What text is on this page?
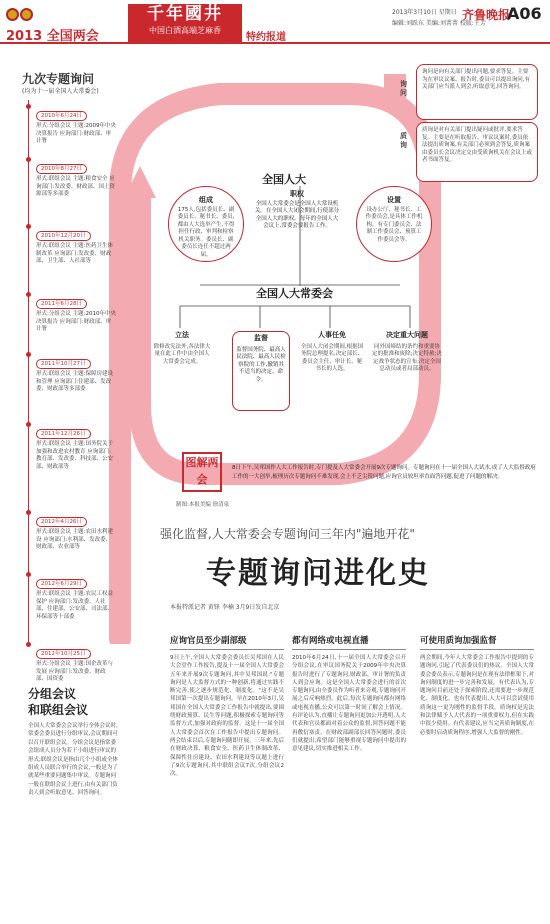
2013 全国两会
千年國井
中国白酒高端芝麻香
特约报道
2013年3月10日 星期日
编辑:刘跃东 美编:刘菁菁 校版:王芳
齐鲁晚报
A06
九次专题询问
(均为十一届全国人大常委会)
2010年6月24日
形式:分组会议 主题:2009年中央决算报告 应询部门:财政部、审计署
2010年8月27日
形式:联组会议 主题:粮食安全 应询部门:发改委、财政部、国土资源部等多部委
2010年12月20日
形式:联组会议 主题:医药卫生体制改革 应询部门:发改委、财政部、卫生部、人社部等
2011年6月28日
形式:分组会议 主题:2010年中央决算报告 应询部门:财政部、审计署
2011年10月27日
形式:联组会议 主题:保障房建设和管理 应询部门:住建部、发改委、财政部等多部委
2011年12月26日
形式:联组会议 主题:国务院关于加强和改进农村教育 应询部门:教育部、发改委、科技部、公安部、财政部等
2012年4月26日
形式:联组会议 主题:农田水利建设 应询部门:水利部、发改委、财政部、农业部等
2012年6月29日
形式:联组会议 主题:农民工权益保护 应询部门:发改委、人社部、住建部、公安部、司法部、环保部等十部委
2012年10月25日
形式:分组会议 主题:国企改革与发展 应询部门:发改委、财政部、国资委
询问
询问是向有关部门提出问题,要求答复。主要为在审议议案、报告时,委员可以提出询问,有关部门应当派人到会,听取意见,回答询问。
质询
质询是对有关部门提出疑问或批评,要求答复。主要是在听取报告、审议议案时,委员依法提出质询案,有关部门必须到会答复,质询案由委员长会议决定交由受质询机关在会议上或者书面答复。
全国人大
职权
全国人大常委会是全国人大常设机关。在全国人大闭会期间,行使部分全国人大的职权。每年的全国人大会议上,常委会要报告工作。
组成
175人,包括委员长、副委员长、秘书长、委员,都由人大选举产生,不得担任行政、审判和检察机关职务。委员长、副委员长连任不超过两届。
设置
设办公厅、秘书长、工作委员会,是具体工作机构。有专门委员会、法制工作委员会、预算工作委员会等。
全国人大常委会
立法
除修改宪法外,各法律大量在此工作中由全国人大常委会完成。
监督
监督国务院、最高人民法院、最高人民检察院的工作,撤销其不适当的决定、命令。
人事任免
全国人大闭会期间,根据国务院总理提名,决定部长、委员会主任、审计长、秘书长的人选。
决定重大问题
同外国缔结的条约和重要协定的批准和废除;决定特赦;决定战争状态的宣布;决定全国总动员或者局部动员。
图解两会
制图:本报美编 徐清泉
8日下午,吴邦国作人大工作报告时,专门提及人大常委会开展9次专题询问。专题询问在十一届全国人大试水,成了人大监督政府工作的一大创举,梳理历次专题询问不难发现,会上不乏尖锐问题,应询官员较坦率直面答问题,促进了问题的解决。
强化监督,人大常委会专题询问三年内"遍地开花"
专题询问进化史
本报特派记者 黄锋 李楠 3月9日发自北京
分组会议
和联组会议
全国人大常委会会议举行全体会议时,常委会委员进行分组审议,会议期间可以召开联组会议。分组会议是指常委会组成人员分为若干小组进行审议的形式;联组会议是指由几个小组或全体组成人员联合举行的会议,一般是为了就某些重要问题集中审议。专题询问一般在联组会议上进行,由有关部门负责人到会听取意见、回答询问。
应询官员至少副部级
9日上午,全国人大常委会委员长吴邦国在人民大会堂作工作报告,提及十一届全国人大常委会五年来开展9次专题询问,其中吴邦国说:"专题询问是人大监督方式的一种创新,将通过实践不断完善,使之逐步规范化、制度化。"这不是吴邦国第一次提出专题询问。早在2010年3月,吴邦国在全国人大常委会工作报告中就提出,要围绕财政预算、民生等问题,积极探索专题询问等监督方式,加强对政府的监督。这是十一届全国人大常委会首次在工作报告中提出专题询问。两会结束以后,专题询问随即开展。三年来,先后在财政决算、粮食安全、医药卫生体制改革、保障性住房建设、农田水利建设等议题上进行了9次专题询问,其中联组会议7次,分组会议2次。
都有网络或电视直播
2010年6月24日,十一届全国人大常委会召开分组会议,在审议国务院关于2009年中央决算报告时进行了专题询问,财政部、审计署的负责人到会应询。这是全国人大常委会进行的首次专题询问,由全委员作为听者来旁观,专题询问开展之后反响热烈。此后,每次专题询问都有网络或电视直播,公众可以第一时间了解会上情况。有评论认为,直播让专题询问更加公开透明,人大代表和官员都面对着公众的监督,回答问题不能再敷衍塞责。在财政部副部长回答问题时,委员们就提出,希望部门能够重视专题询问中提出的意见建议,切实推进相关工作。
可使用质询加强监督
两会期间,今年人大常委会工作报告中提到的专题询问,引起了代表委员们的热议。全国人大常委会委员表示,专题询问是在现有法律框架下,对询问制度的进一步完善和发展。有代表认为,专题询问目前还处于探索阶段,还需要进一步规范化、制度化。也有代表提出,人大可以尝试使用质询这一更为刚性的监督手段。质询权是宪法和法律赋予人大代表的一项重要权力,但在实践中很少使用。有代表建议,应当完善质询制度,在必要时启动质询程序,增强人大监督的刚性。
